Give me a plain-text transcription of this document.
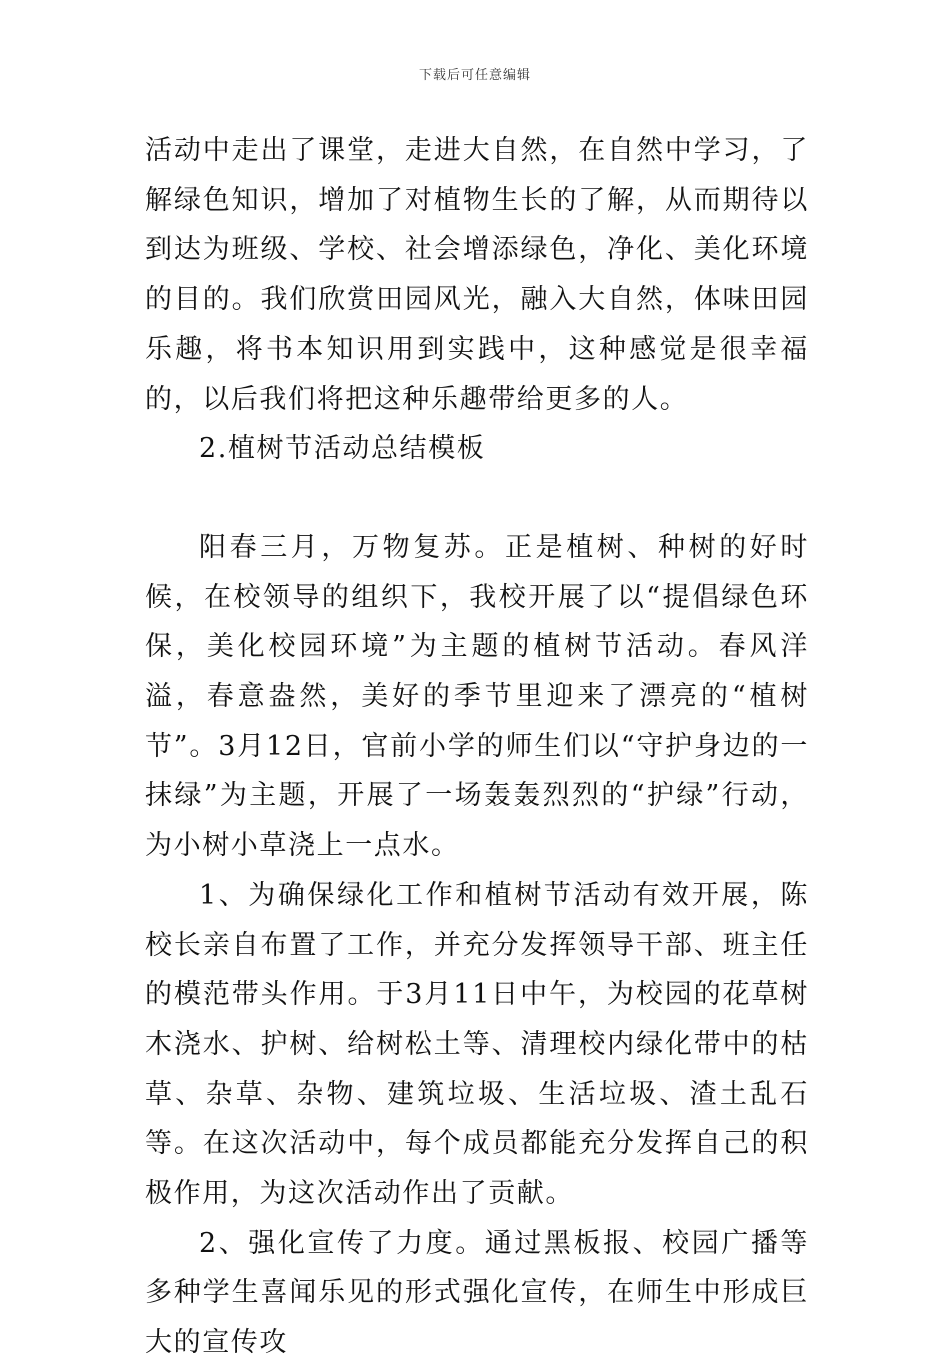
下载后可任意编辑

活动中走出了课堂，走进大自然，在自然中学习，了解绿色知识，增加了对植物生长的了解，从而期待以到达为班级、学校、社会增添绿色，净化、美化环境的目的。我们欣赏田园风光，融入大自然，体味田园乐趣，将书本知识用到实践中，这种感觉是很幸福的，以后我们将把这种乐趣带给更多的人。

2.植树节活动总结模板

阳春三月，万物复苏。正是植树、种树的好时候，在校领导的组织下，我校开展了以“提倡绿色环保，美化校园环境”为主题的植树节活动。春风洋溢，春意盎然，美好的季节里迎来了漂亮的“植树节”。3月12日，官前小学的师生们以“守护身边的一抹绿”为主题，开展了一场轰轰烈烈的“护绿”行动，为小树小草浇上一点水。

1、为确保绿化工作和植树节活动有效开展，陈校长亲自布置了工作，并充分发挥领导干部、班主任的模范带头作用。于3月11日中午，为校园的花草树木浇水、护树、给树松土等、清理校内绿化带中的枯草、杂草、杂物、建筑垃圾、生活垃圾、渣土乱石等。在这次活动中，每个成员都能充分发挥自己的积极作用，为这次活动作出了贡献。

2、强化宣传了力度。通过黑板报、校园广播等多种学生喜闻乐见的形式强化宣传，在师生中形成巨大的宣传攻
